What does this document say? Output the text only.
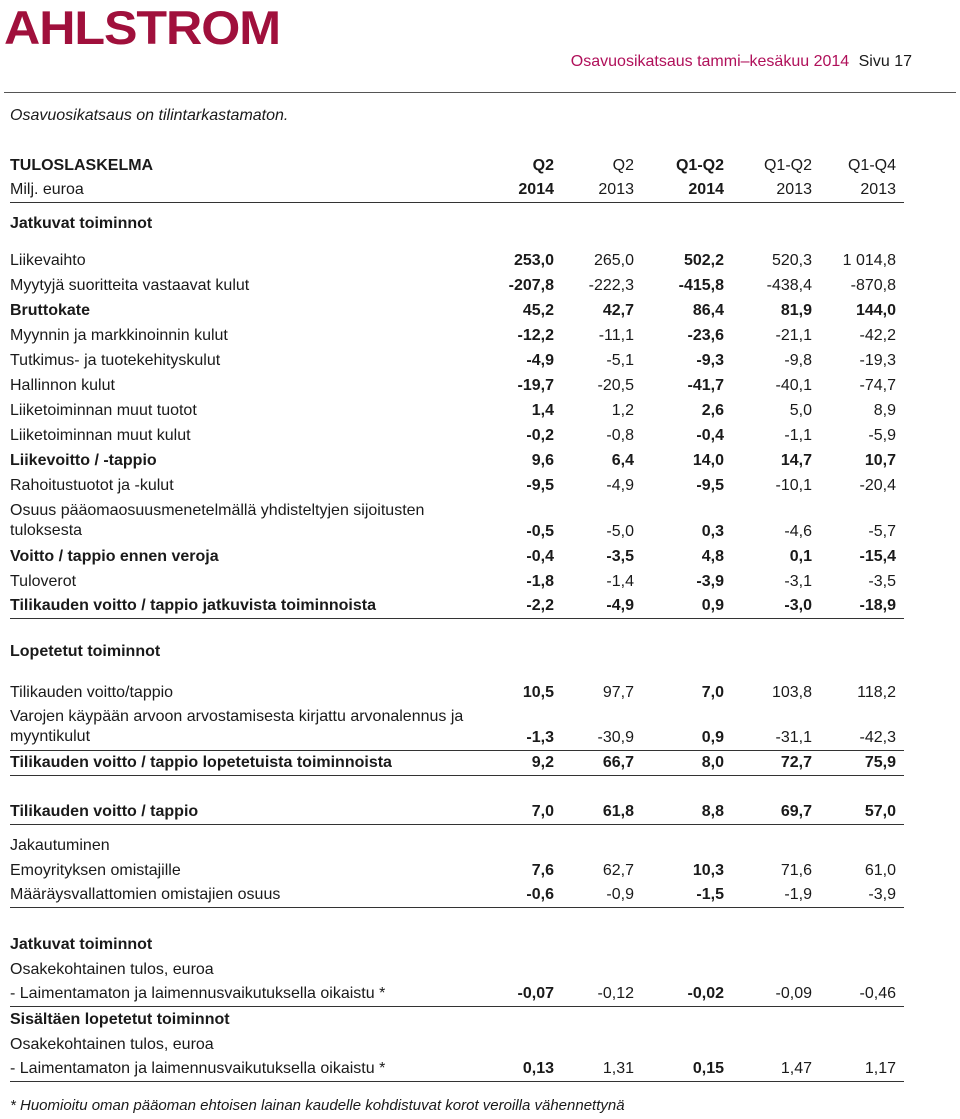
AHLSTROM
Osavuosikatsaus tammi–kesäkuu 2014 Sivu 17
Osavuosikatsaus on tilintarkastamaton.
TULOSLASKELMA	Q2	Q2	Q1-Q2	Q1-Q2	Q1-Q4
Milj. euroa	2014	2013	2014	2013	2013
Jatkuvat toiminnot
Liikevaihto	253,0	265,0	502,2	520,3	1 014,8
Myytyjä suoritteita vastaavat kulut	-207,8	-222,3	-415,8	-438,4	-870,8
Bruttokate	45,2	42,7	86,4	81,9	144,0
Myynnin ja markkinoinnin kulut	-12,2	-11,1	-23,6	-21,1	-42,2
Tutkimus- ja tuotekehityskulut	-4,9	-5,1	-9,3	-9,8	-19,3
Hallinnon kulut	-19,7	-20,5	-41,7	-40,1	-74,7
Liiketoiminnan muut tuotot	1,4	1,2	2,6	5,0	8,9
Liiketoiminnan muut kulut	-0,2	-0,8	-0,4	-1,1	-5,9
Liikevoitto / -tappio	9,6	6,4	14,0	14,7	10,7
Rahoitustuotot ja -kulut	-9,5	-4,9	-9,5	-10,1	-20,4
Osuus pääomaosuusmenetelmällä yhdisteltyjen sijoitusten tuloksesta	-0,5	-5,0	0,3	-4,6	-5,7
Voitto / tappio ennen veroja	-0,4	-3,5	4,8	0,1	-15,4
Tuloverot	-1,8	-1,4	-3,9	-3,1	-3,5
Tilikauden voitto / tappio jatkuvista toiminnoista	-2,2	-4,9	0,9	-3,0	-18,9
Lopetetut toiminnot
Tilikauden voitto/tappio	10,5	97,7	7,0	103,8	118,2
Varojen käypään arvoon arvostamisesta kirjattu arvonalennus ja myyntikulut	-1,3	-30,9	0,9	-31,1	-42,3
Tilikauden voitto / tappio lopetetuista toiminnoista	9,2	66,7	8,0	72,7	75,9
Tilikauden voitto / tappio	7,0	61,8	8,8	69,7	57,0
Jakautuminen
Emoyrityksen omistajille	7,6	62,7	10,3	71,6	61,0
Määräysvallattomien omistajien osuus	-0,6	-0,9	-1,5	-1,9	-3,9
Jatkuvat toiminnot
Osakekohtainen tulos, euroa
- Laimentamaton ja laimennusvaikutuksella oikaistu *	-0,07	-0,12	-0,02	-0,09	-0,46
Sisältäen lopetetut toiminnot
Osakekohtainen tulos, euroa
- Laimentamaton ja laimennusvaikutuksella oikaistu *	0,13	1,31	0,15	1,47	1,17
* Huomioitu oman pääoman ehtoisen lainan kaudelle kohdistuvat korot veroilla vähennettynä
